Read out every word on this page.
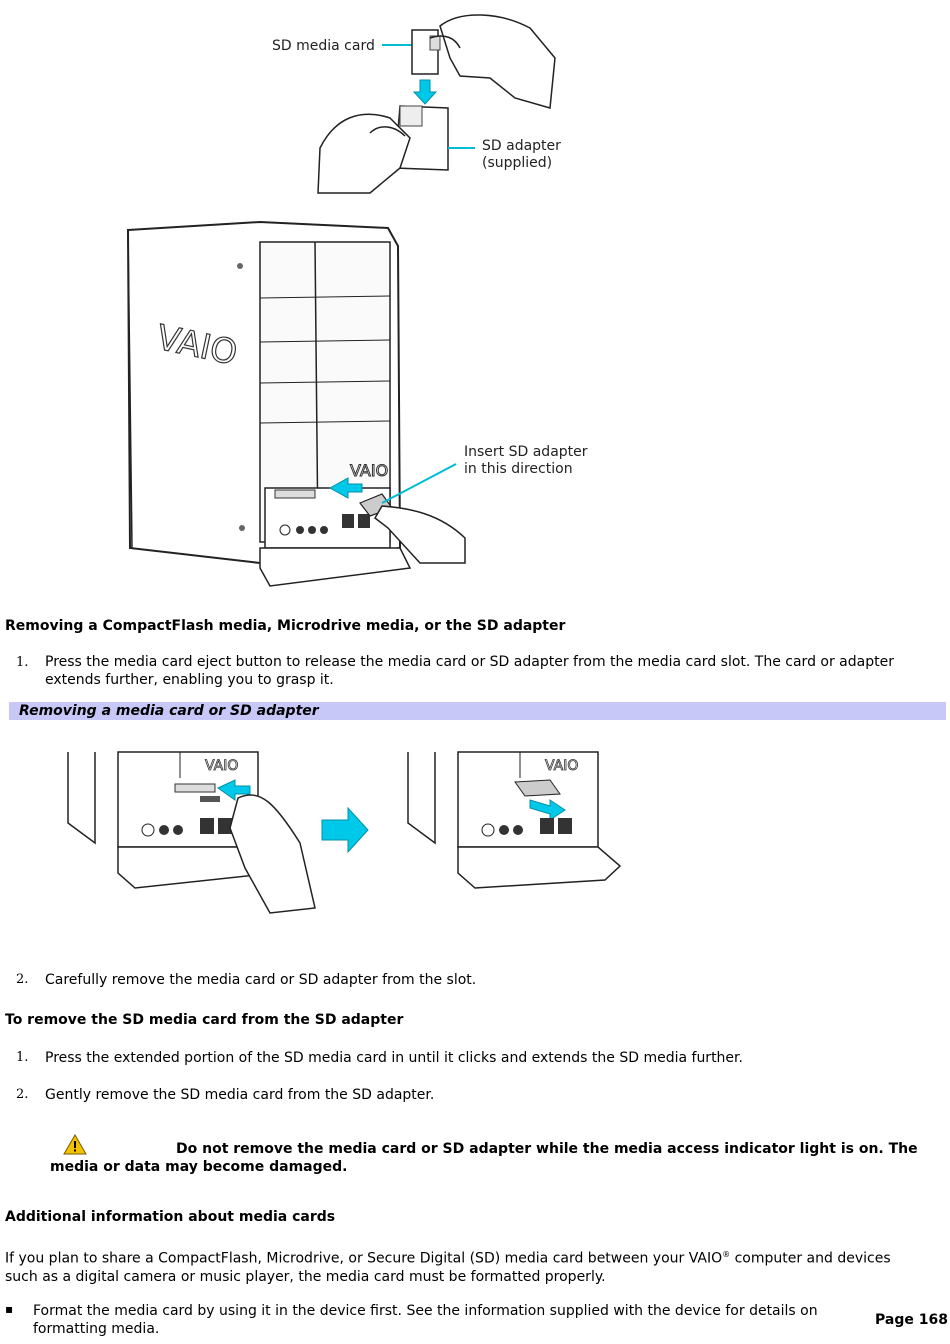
SD media card
SD adapter
(supplied)
VAIO
VAIO
Insert SD adapter
in this direction
Removing a CompactFlash media, Microdrive media, or the SD adapter
1. Press the media card eject button to release the media card or SD adapter from the media card slot. The card or adapter extends further, enabling you to grasp it.
Removing a media card or SD adapter
VAIO	VAIO
2. Carefully remove the media card or SD adapter from the slot.
To remove the SD media card from the SD adapter
1. Press the extended portion of the SD media card in until it clicks and extends the SD media further.
2. Gently remove the SD media card from the SD adapter.
Do not remove the media card or SD adapter while the media access indicator light is on. The media or data may become damaged.
Additional information about media cards
If you plan to share a CompactFlash, Microdrive, or Secure Digital (SD) media card between your VAIO® computer and devices such as a digital camera or music player, the media card must be formatted properly.
▪ Format the media card by using it in the device first. See the information supplied with the device for details on formatting media.
Page 168
